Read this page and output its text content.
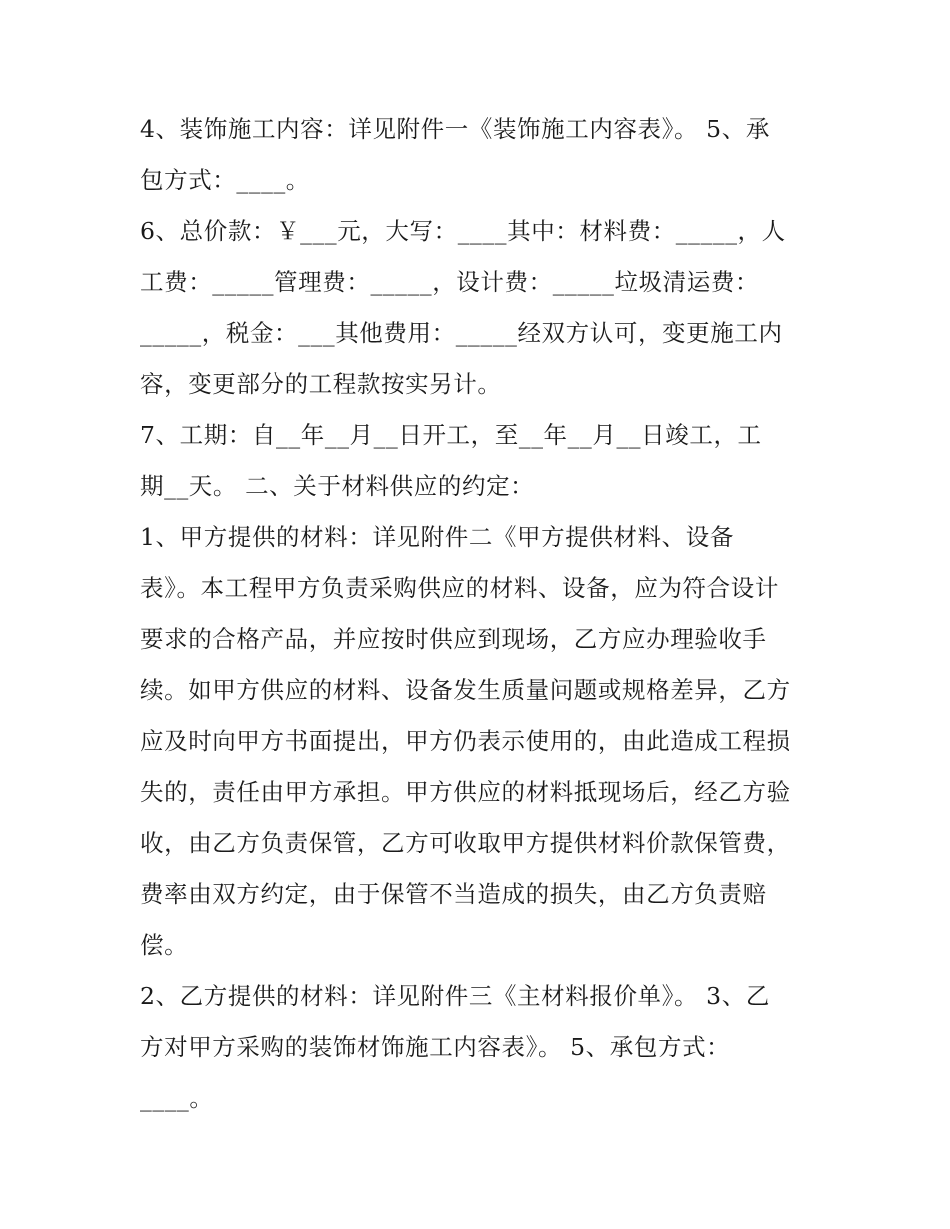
4、装饰施工内容：详见附件一《装饰施工内容表》。 5、承
包方式：____。
6、总价款：￥___元，大写：____其中：材料费：_____，人
工费：_____管理费：_____，设计费：_____垃圾清运费：
_____，税金：___其他费用：_____经双方认可，变更施工内
容，变更部分的工程款按实另计。
7、工期：自__年__月__日开工，至__年__月__日竣工，工
期__天。 二、关于材料供应的约定：
1、甲方提供的材料：详见附件二《甲方提供材料、设备
表》。本工程甲方负责采购供应的材料、设备，应为符合设计
要求的合格产品，并应按时供应到现场，乙方应办理验收手
续。如甲方供应的材料、设备发生质量问题或规格差异，乙方
应及时向甲方书面提出，甲方仍表示使用的，由此造成工程损
失的，责任由甲方承担。甲方供应的材料抵现场后，经乙方验
收，由乙方负责保管，乙方可收取甲方提供材料价款保管费，
费率由双方约定，由于保管不当造成的损失，由乙方负责赔
偿。
2、乙方提供的材料：详见附件三《主材料报价单》。 3、乙
方对甲方采购的装饰材饰施工内容表》。 5、承包方式：
____。
